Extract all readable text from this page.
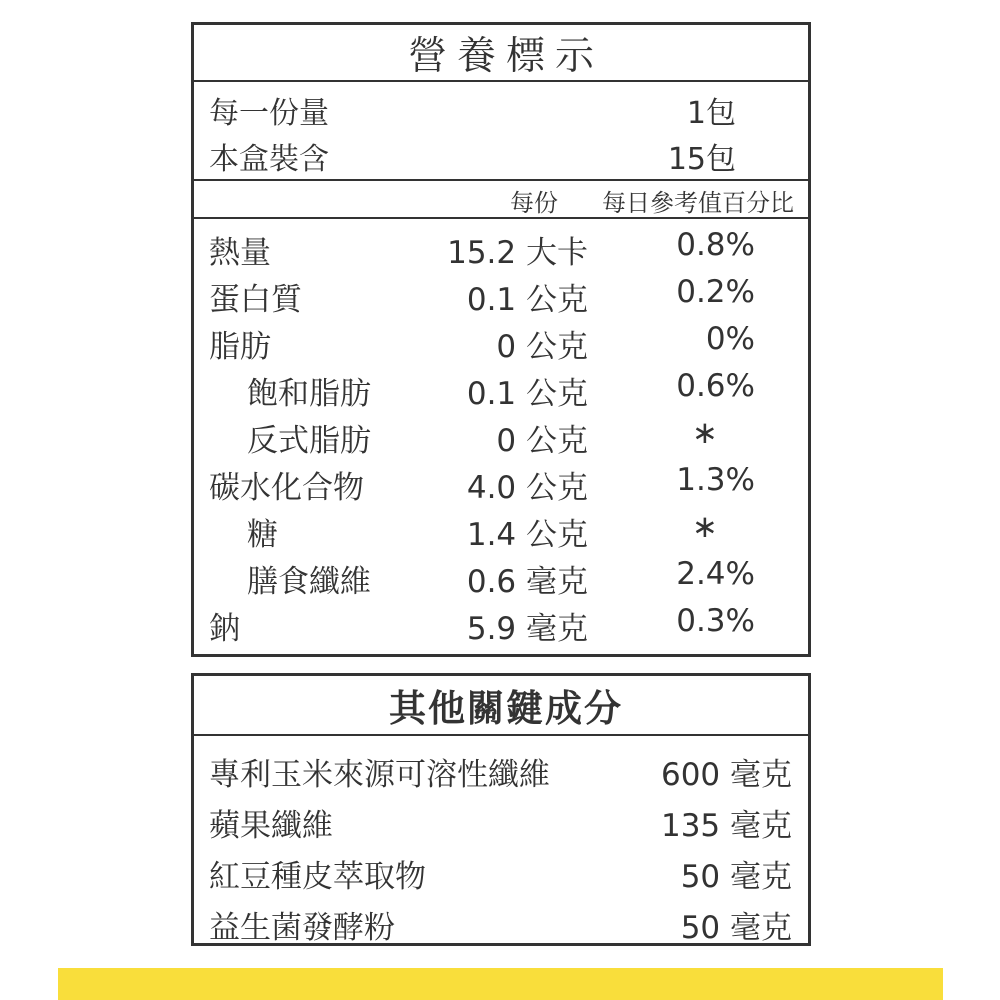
營養標示
每一份量	1包
本盒裝含	15包
每份 每日參考值百分比
熱量	15.2 大卡	0.8%
蛋白質	0.1 公克	0.2%
脂肪	0 公克	0%
飽和脂肪	0.1 公克	0.6%
反式脂肪	0 公克	∗
碳水化合物	4.0 公克	1.3%
糖	1.4 公克	∗
膳食纖維	0.6 毫克	2.4%
鈉	5.9 毫克	0.3%
其他關鍵成分
專利玉米來源可溶性纖維	600 毫克
蘋果纖維	135 毫克
紅豆種皮萃取物	50 毫克
益生菌發酵粉	50 毫克
